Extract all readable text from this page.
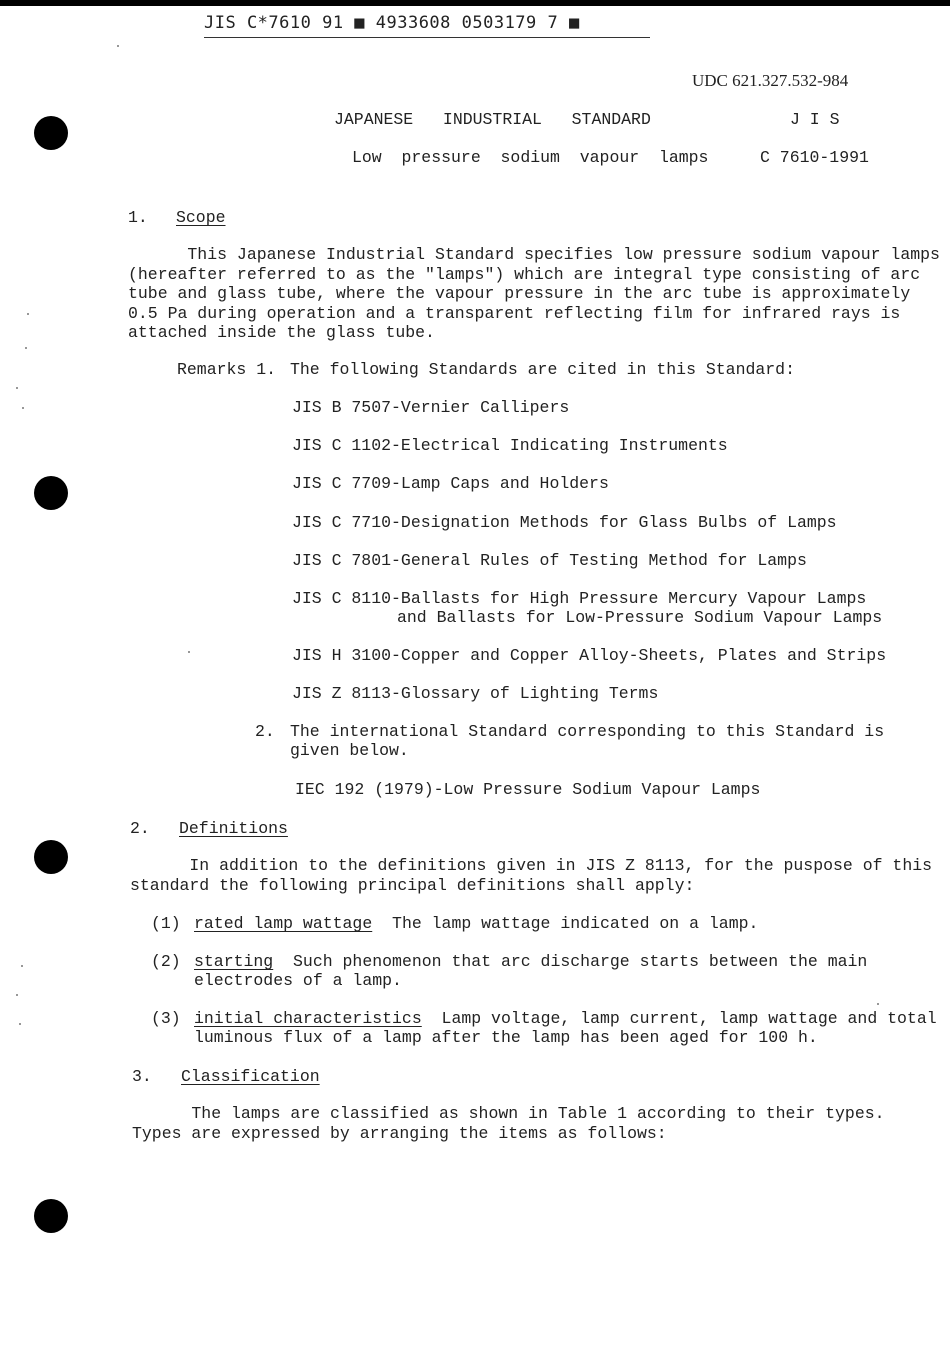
JIS C*7610 91 ■ 4933608 0503179 7 ■
UDC 621.327.532-984
JAPANESE   INDUSTRIAL   STANDARD	J I S
Low  pressure  sodium  vapour  lamps	C 7610-1991
1. Scope
This Japanese Industrial Standard specifies low pressure sodium vapour lamps
(hereafter referred to as the "lamps") which are integral type consisting of arc
tube and glass tube, where the vapour pressure in the arc tube is approximately
0.5 Pa during operation and a transparent reflecting film for infrared rays is
attached inside the glass tube.
Remarks 1. The following Standards are cited in this Standard:
JIS B 7507-Vernier Callipers
JIS C 1102-Electrical Indicating Instruments
JIS C 7709-Lamp Caps and Holders
JIS C 7710-Designation Methods for Glass Bulbs of Lamps
JIS C 7801-General Rules of Testing Method for Lamps
JIS C 8110-Ballasts for High Pressure Mercury Vapour Lamps
and Ballasts for Low-Pressure Sodium Vapour Lamps
JIS H 3100-Copper and Copper Alloy-Sheets, Plates and Strips
JIS Z 8113-Glossary of Lighting Terms
2. The international Standard corresponding to this Standard is
given below.
IEC 192 (1979)-Low Pressure Sodium Vapour Lamps
2. Definitions
In addition to the definitions given in JIS Z 8113, for the puspose of this
standard the following principal definitions shall apply:
(1) rated lamp wattage  The lamp wattage indicated on a lamp.
(2) starting  Such phenomenon that arc discharge starts between the main
electrodes of a lamp.
(3) initial characteristics  Lamp voltage, lamp current, lamp wattage and total
luminous flux of a lamp after the lamp has been aged for 100 h.
3. Classification
The lamps are classified as shown in Table 1 according to their types.
Types are expressed by arranging the items as follows:
